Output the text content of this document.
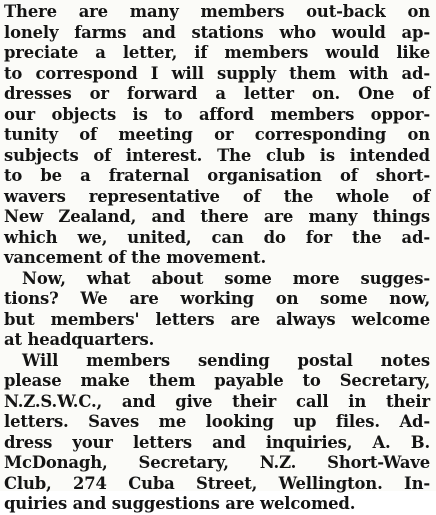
There are many members out-back on
lonely farms and stations who would ap-
preciate a letter, if members would like
to correspond I will supply them with ad-
dresses or forward a letter on. One of
our objects is to afford members oppor-
tunity of meeting or corresponding on
subjects of interest. The club is intended
to be a fraternal organisation of short-
wavers representative of the whole of
New Zealand, and there are many things
which we, united, can do for the ad-
vancement of the movement.
Now, what about some more sugges-
tions? We are working on some now,
but members' letters are always welcome
at headquarters.
Will members sending postal notes
please make them payable to Secretary,
N.Z.S.W.C., and give their call in their
letters. Saves me looking up files. Ad-
dress your letters and inquiries, A. B.
McDonagh, Secretary, N.Z. Short-Wave
Club, 274 Cuba Street, Wellington. In-
quiries and suggestions are welcomed.
